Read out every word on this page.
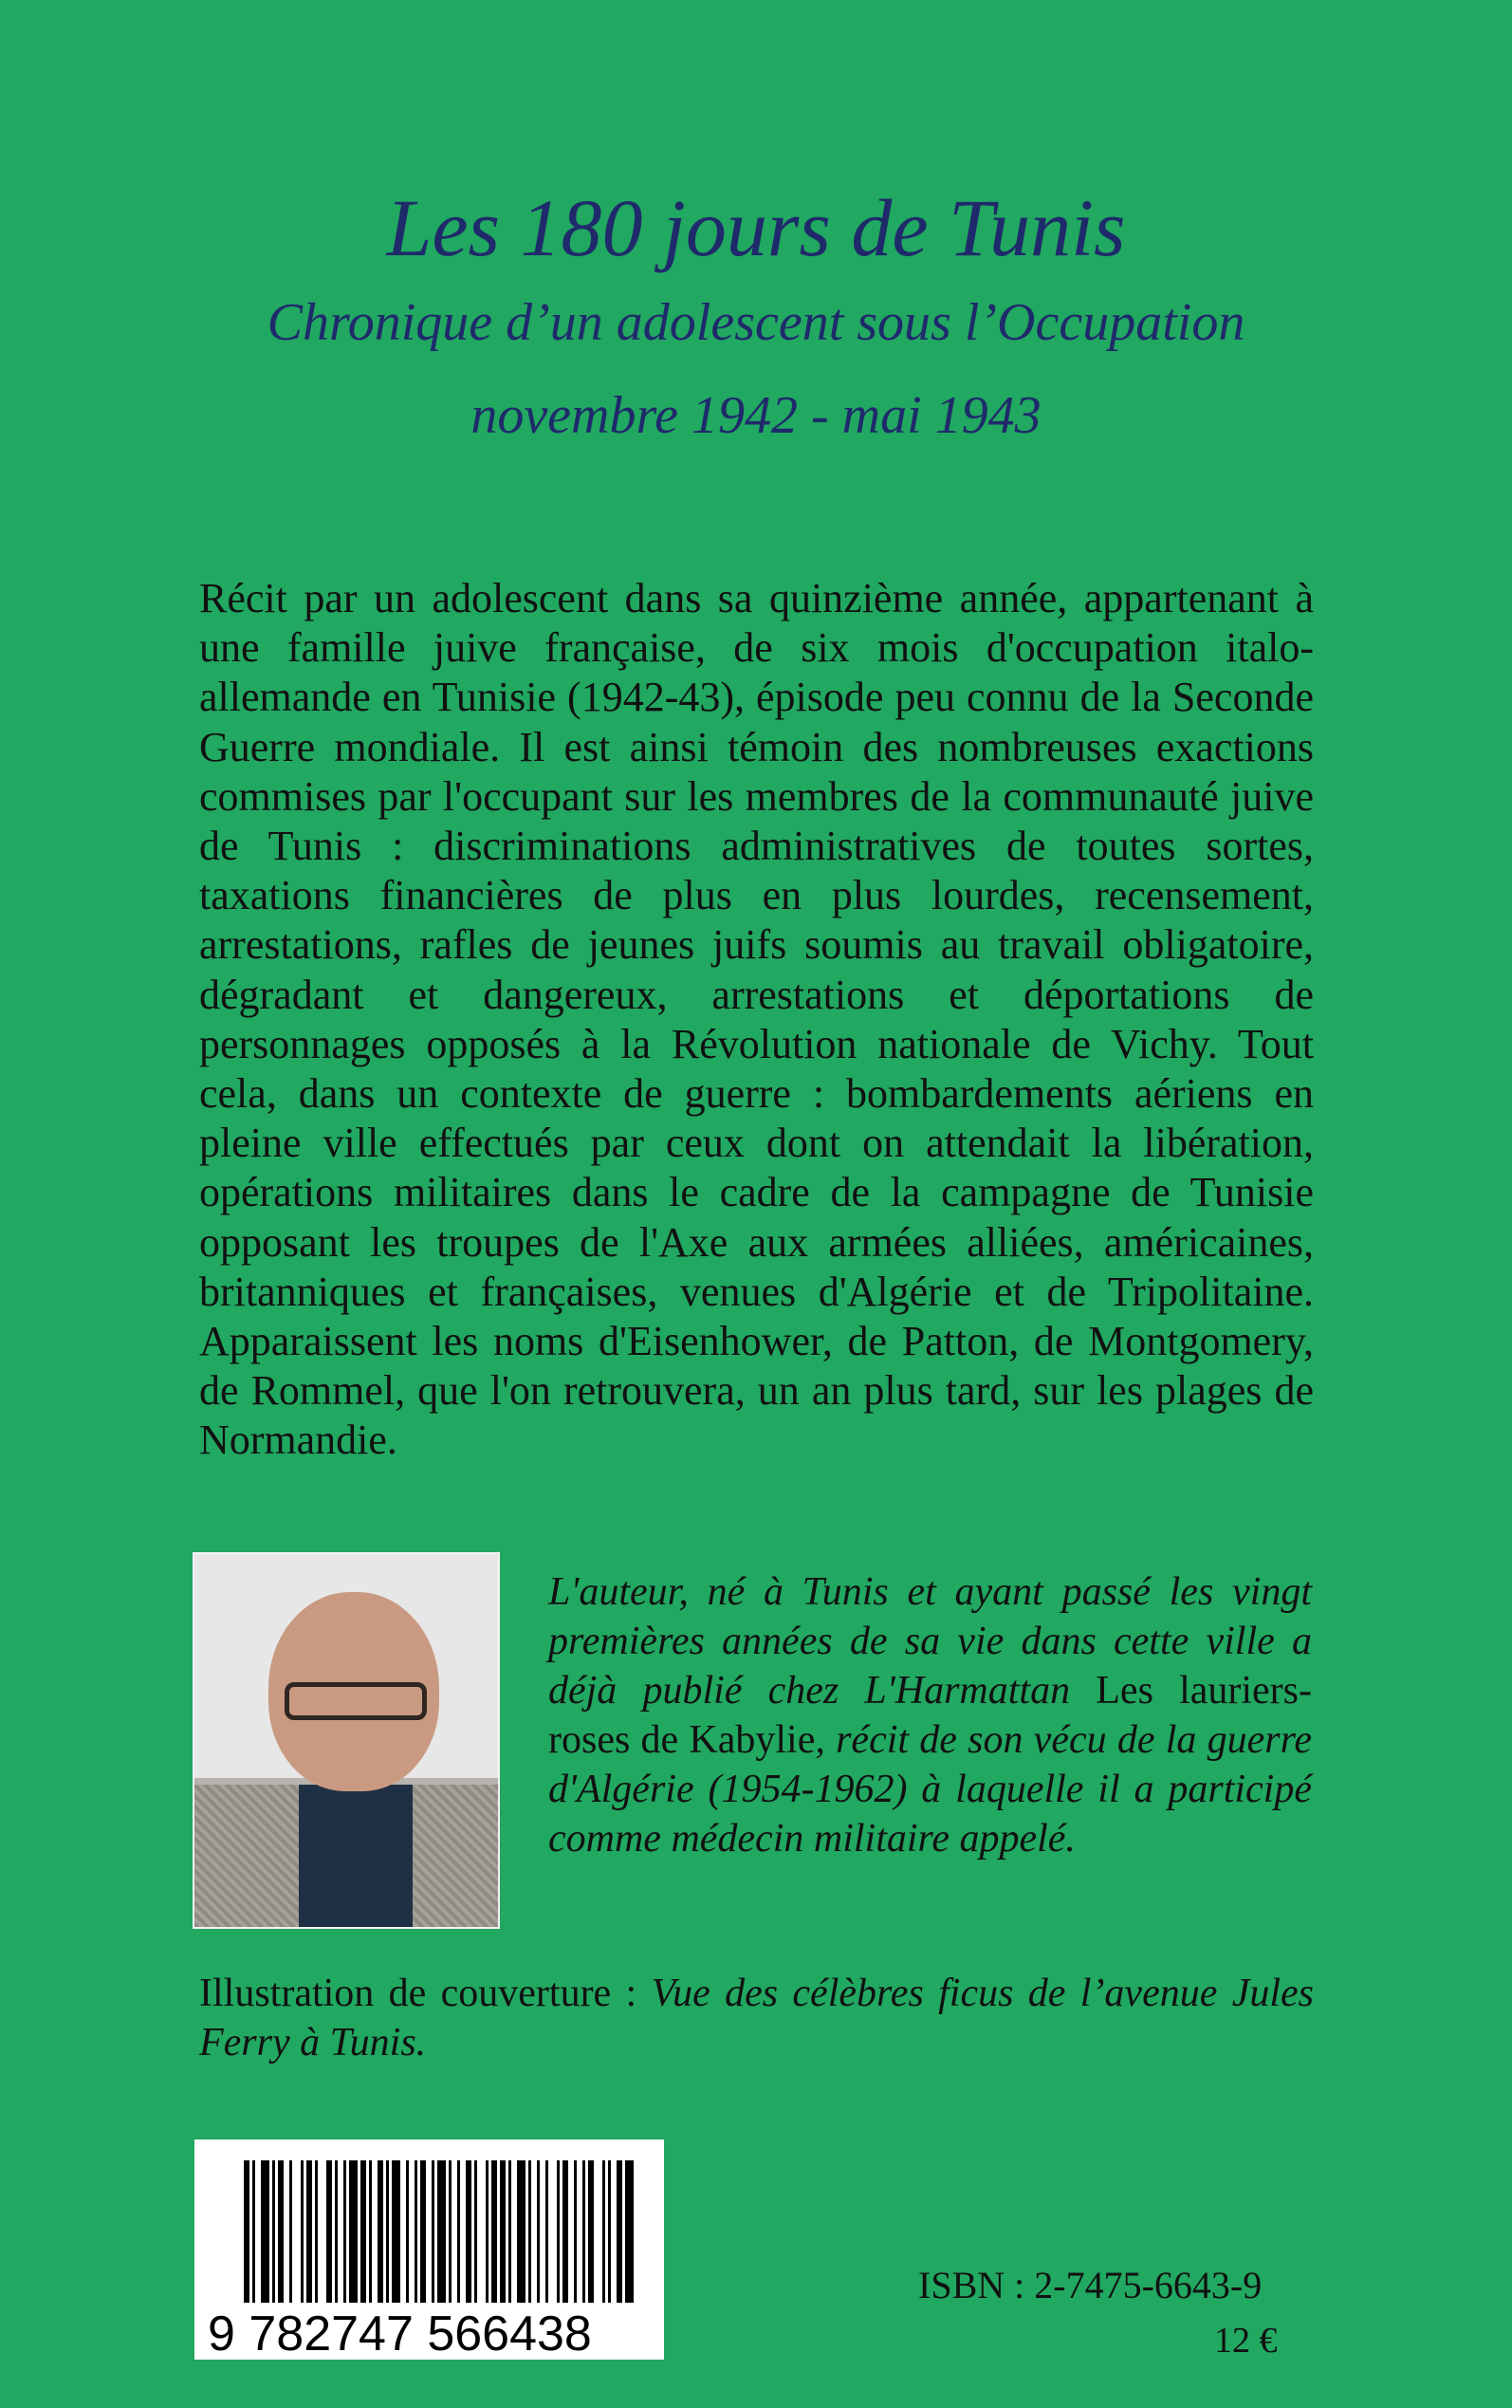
Les 180 jours de Tunis
Chronique d’un adolescent sous l’Occupation
novembre 1942 - mai 1943
Récit par un adolescent dans sa quinzième année, appartenant à une famille juive française, de six mois d'occupation italo-allemande en Tunisie (1942-43), épisode peu connu de la Seconde Guerre mondiale. Il est ainsi témoin des nombreuses exactions commises par l'occupant sur les membres de la communauté juive de Tunis : discriminations administratives de toutes sortes, taxations financières de plus en plus lourdes, recensement, arrestations, rafles de jeunes juifs soumis au travail obligatoire, dégradant et dangereux, arrestations et déportations de personnages opposés à la Révolution nationale de Vichy. Tout cela, dans un contexte de guerre : bombardements aériens en pleine ville effectués par ceux dont on attendait la libération, opérations militaires dans le cadre de la campagne de Tunisie opposant les troupes de l'Axe aux armées alliées, américaines, britanniques et françaises, venues d'Algérie et de Tripolitaine. Apparaissent les noms d'Eisenhower, de Patton, de Montgomery, de Rommel, que l'on retrouvera, un an plus tard, sur les plages de Normandie.
L'auteur, né à Tunis et ayant passé les vingt premières années de sa vie dans cette ville a déjà publié chez L'Harmattan Les lauriers-roses de Kabylie, récit de son vécu de la guerre d'Algérie (1954-1962) à laquelle il a participé comme médecin militaire appelé.
Illustration de couverture : Vue des célèbres ficus de l’avenue Jules Ferry à Tunis.
9 782747 566438
ISBN : 2-7475-6643-9
12 €
